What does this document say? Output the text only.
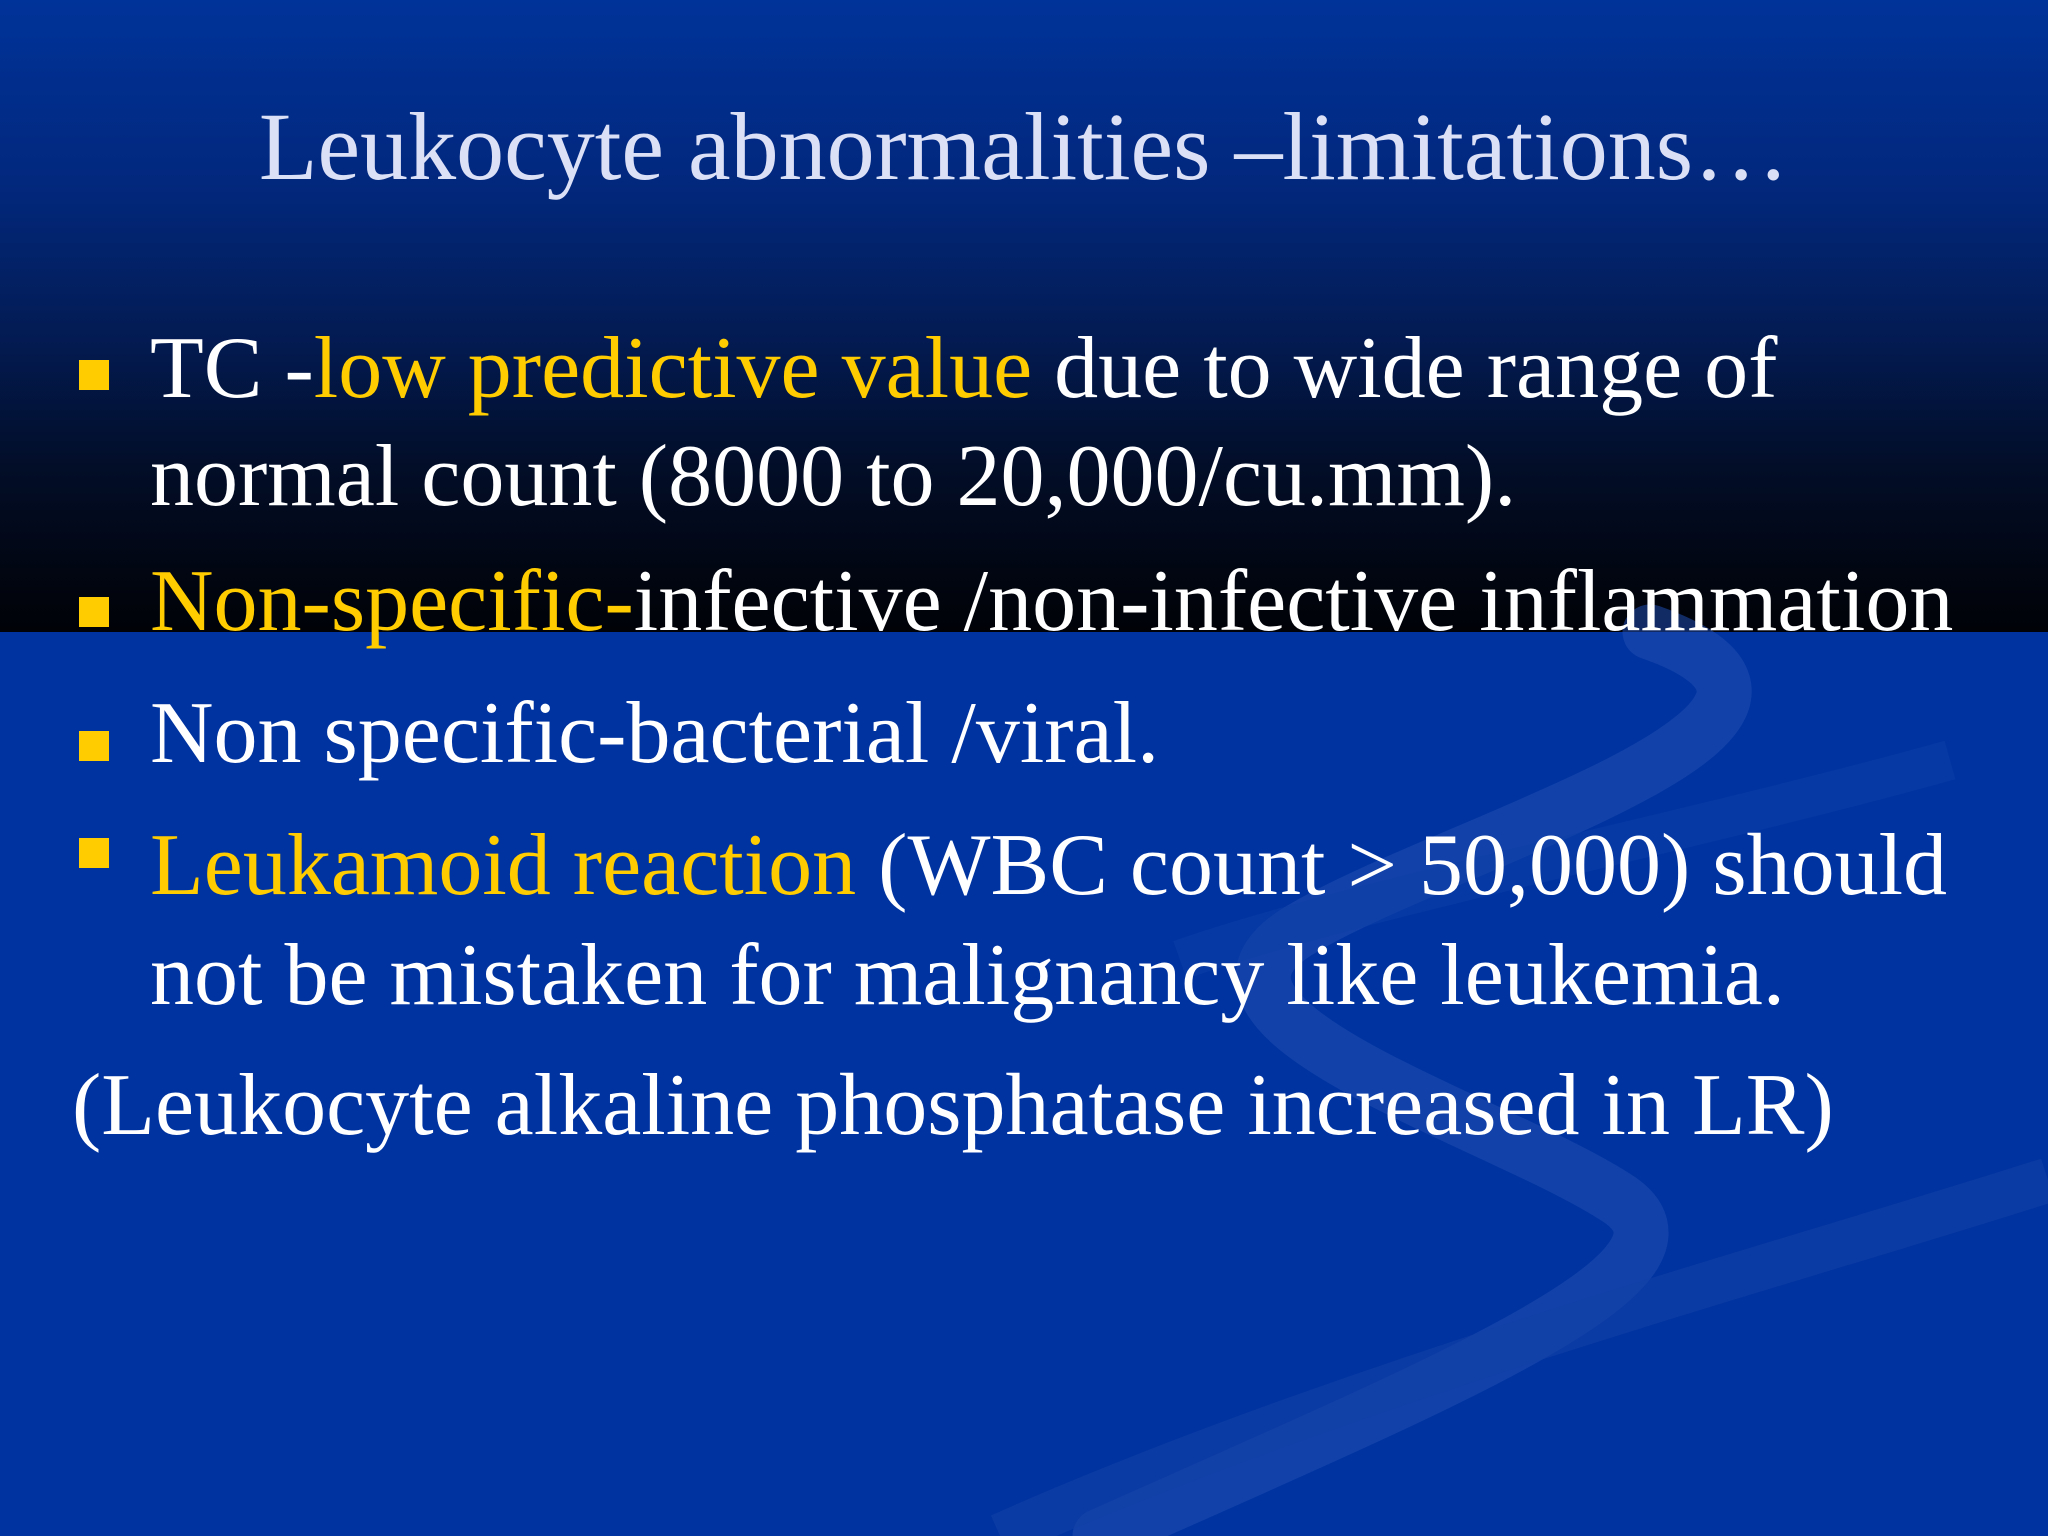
Leukocyte abnormalities –limitations…
TC -low predictive value due to wide range of
normal count (8000 to 20,000/cu.mm).
Non-specific-infective /non-infective inflammation
Non specific-bacterial /viral.
Leukamoid reaction (WBC count > 50,000) should
not be mistaken for malignancy like leukemia.
(Leukocyte alkaline phosphatase increased in LR)
